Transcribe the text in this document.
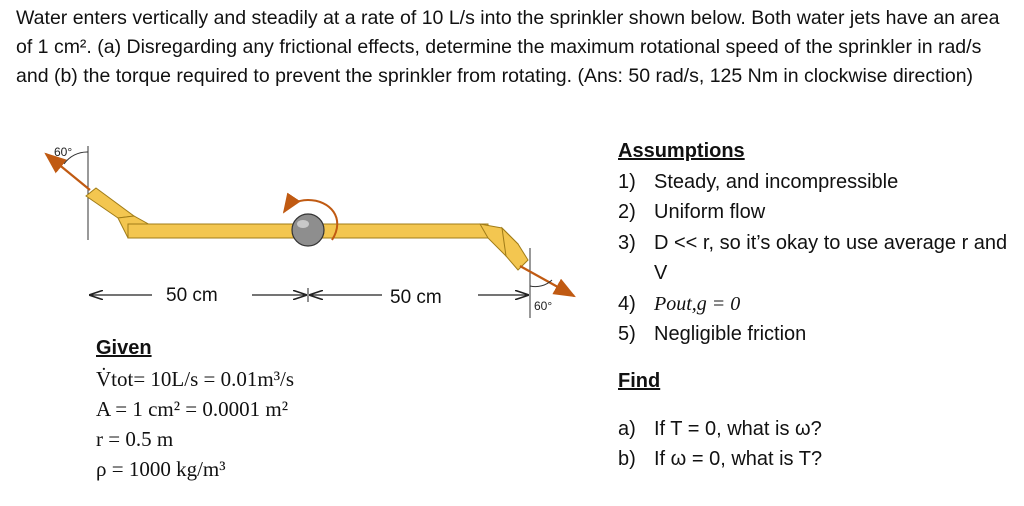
Water enters vertically and steadily at a rate of 10 L/s into the sprinkler shown below. Both water jets have an area of 1 cm². (a) Disregarding any frictional effects, determine the maximum rotational speed of the sprinkler in rad/s and (b) the torque required to prevent the sprinkler from rotating. (Ans: 50 rad/s, 125 Nm in clockwise direction)

60°
60°
50 cm	50 cm
Given
V̇tot= 10L/s = 0.01m³/s
A = 1 cm² = 0.0001 m²
r = 0.5 m
ρ = 1000 kg/m³
Assumptions
1) Steady, and incompressible
2) Uniform flow
3) D << r, so it’s okay to use average r and V
4) Pout,g = 0
5) Negligible friction
Find
a) If T = 0, what is ω?
b) If ω = 0, what is T?
